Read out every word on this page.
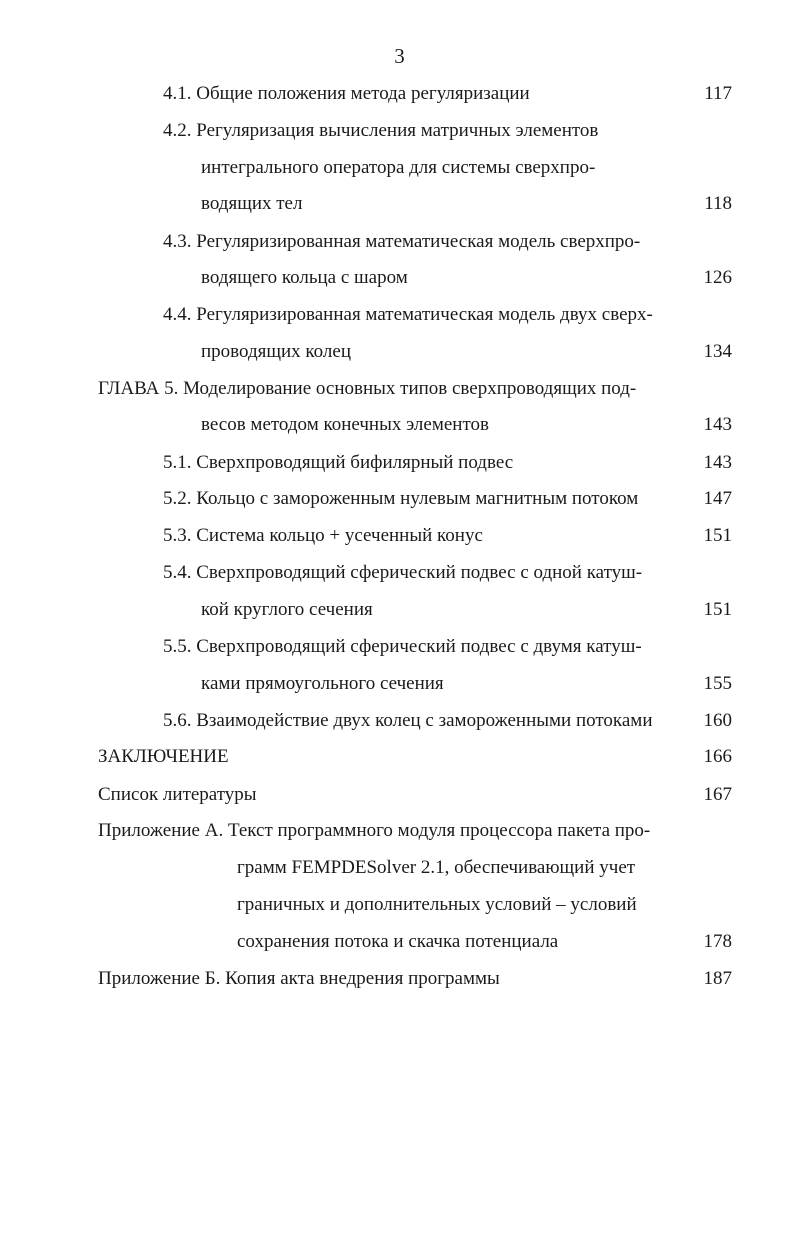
3
4.1. Общие положения метода регуляризации	117
4.2. Регуляризация вычисления матричных элементов
интегрального оператора для системы сверхпро-
водящих тел	118
4.3. Регуляризированная математическая модель сверхпро-
водящего кольца с шаром	126
4.4. Регуляризированная математическая модель двух сверх-
проводящих колец	134
ГЛАВА 5. Моделирование основных типов сверхпроводящих под-
весов методом конечных элементов	143
5.1. Сверхпроводящий бифилярный подвес	143
5.2. Кольцо с замороженным нулевым магнитным потоком	147
5.3. Система кольцо + усеченный конус	151
5.4. Сверхпроводящий сферический подвес с одной катуш-
кой круглого сечения	151
5.5. Сверхпроводящий сферический подвес с двумя катуш-
ками прямоугольного сечения	155
5.6. Взаимодействие двух колец с замороженными потоками	160
ЗАКЛЮЧЕНИЕ	166
Список литературы	167
Приложение А. Текст программного модуля процессора пакета про-
грамм FEMPDESolver 2.1, обеспечивающий учет
граничных и дополнительных условий – условий
сохранения потока и скачка потенциала	178
Приложение Б. Копия акта внедрения программы	187
